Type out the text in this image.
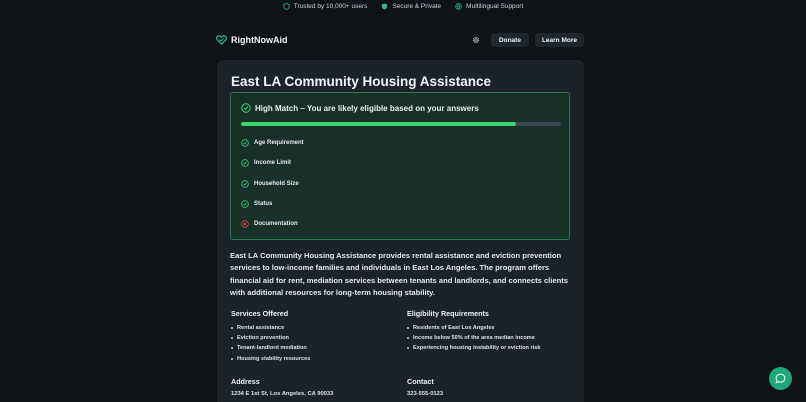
Trusted by 10,000+ users	Secure & Private	Multilingual Support
RightNowAid	Donate	Learn More
East LA Community Housing Assistance
High Match – You are likely eligible based on your answers
Age Requirement
Income Limit
Household Size
Status
Documentation

East LA Community Housing Assistance provides rental assistance and eviction prevention services to low-income families and individuals in East Los Angeles. The program offers financial aid for rent, mediation services between tenants and landlords, and connects clients with additional resources for long-term housing stability.

Services Offered
Rental assistance
Eviction prevention
Tenant-landlord mediation
Housing stability resources
Eligibility Requirements
Residents of East Los Angeles
Income below 50% of the area median income
Experiencing housing instability or eviction risk
Address
1234 E 1st St, Los Angeles, CA 90033
Contact
323-555-0123
